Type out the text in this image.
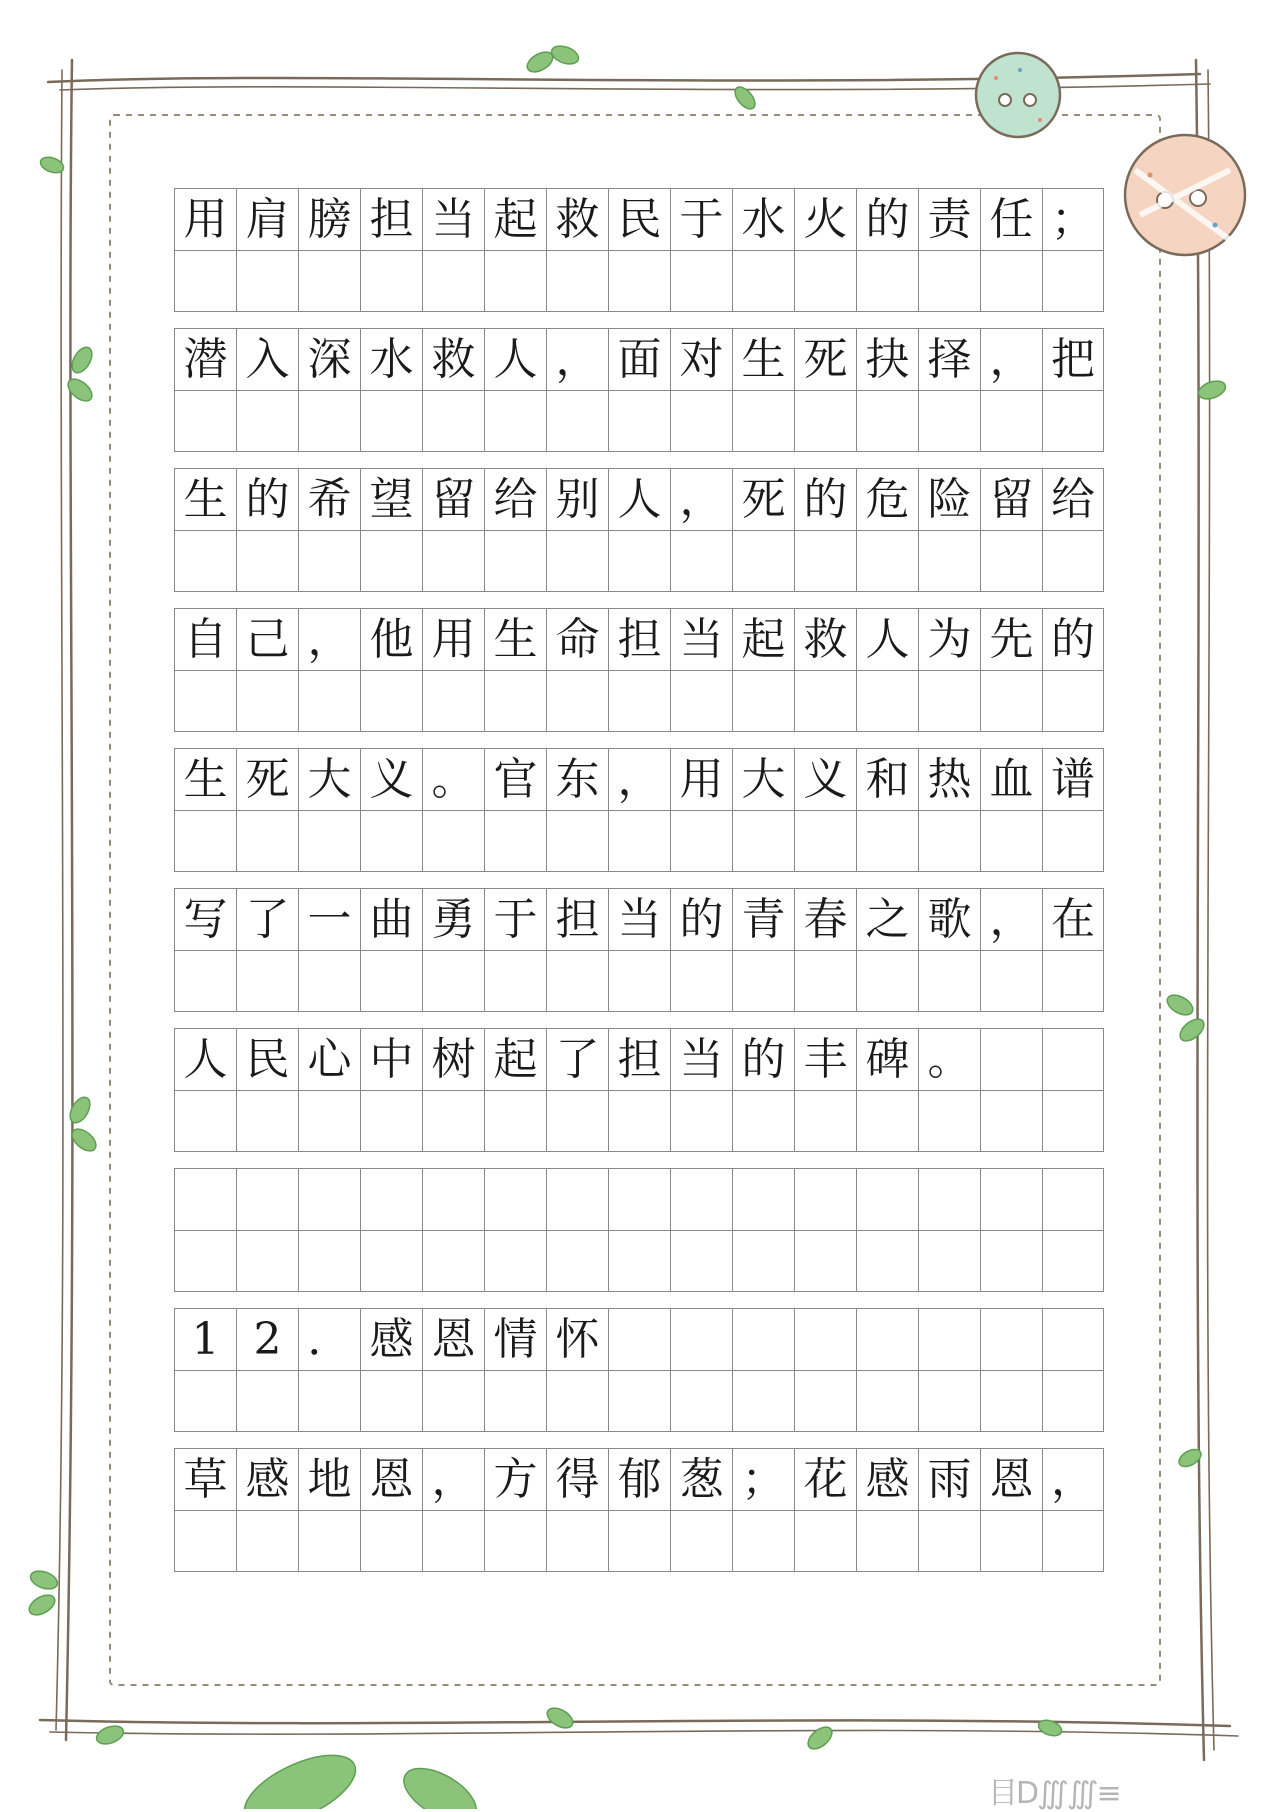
用 肩 膀 担 当 起 救 民 于 水 火 的 责 任 ；
潜 入 深 水 救 人 ， 面 对 生 死 抉 择 ， 把
生 的 希 望 留 给 别 人 ， 死 的 危 险 留 给
自 己 ， 他 用 生 命 担 当 起 救 人 为 先 的
生 死 大 义 。 官 东 ， 用 大 义 和 热 血 谱
写 了 一 曲 勇 于 担 当 的 青 春 之 歌 ， 在
人 民 心 中 树 起 了 担 当 的 丰 碑 。
1 2 ． 感 恩 情 怀
草 感 地 恩 ， 方 得 郁 葱 ； 花 感 雨 恩 ，
目D∭∭≡
